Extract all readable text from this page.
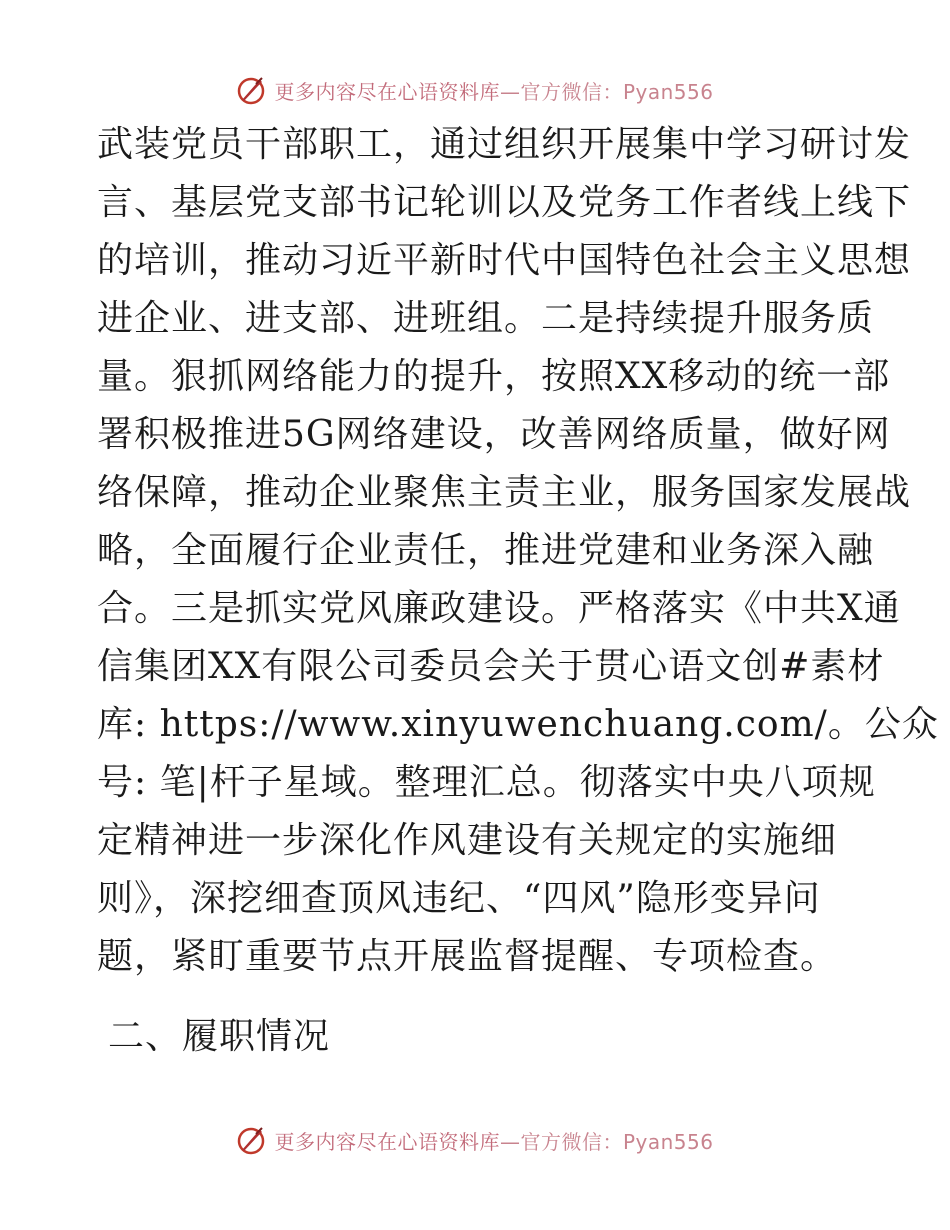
更多内容尽在心语资料库—官方微信：Pyan556
武装党员干部职工，通过组织开展集中学习研讨发
言、基层党支部书记轮训以及党务工作者线上线下
的培训，推动习近平新时代中国特色社会主义思想
进企业、进支部、进班组。二是持续提升服务质
量。狠抓网络能力的提升，按照XX移动的统一部
署积极推进5G网络建设，改善网络质量，做好网
络保障，推动企业聚焦主责主业，服务国家发展战
略，全面履行企业责任，推进党建和业务深入融
合。三是抓实党风廉政建设。严格落实《中共X通
信集团XX有限公司委员会关于贯心语文创#素材
库: https://www.xinyuwenchuang.com/。公众
号: 笔|杆子星域。整理汇总。彻落实中央八项规
定精神进一步深化作风建设有关规定的实施细
则》，深挖细查顶风违纪、“四风”隐形变异问
题，紧盯重要节点开展监督提醒、专项检查。
二、履职情况
更多内容尽在心语资料库—官方微信：Pyan556
